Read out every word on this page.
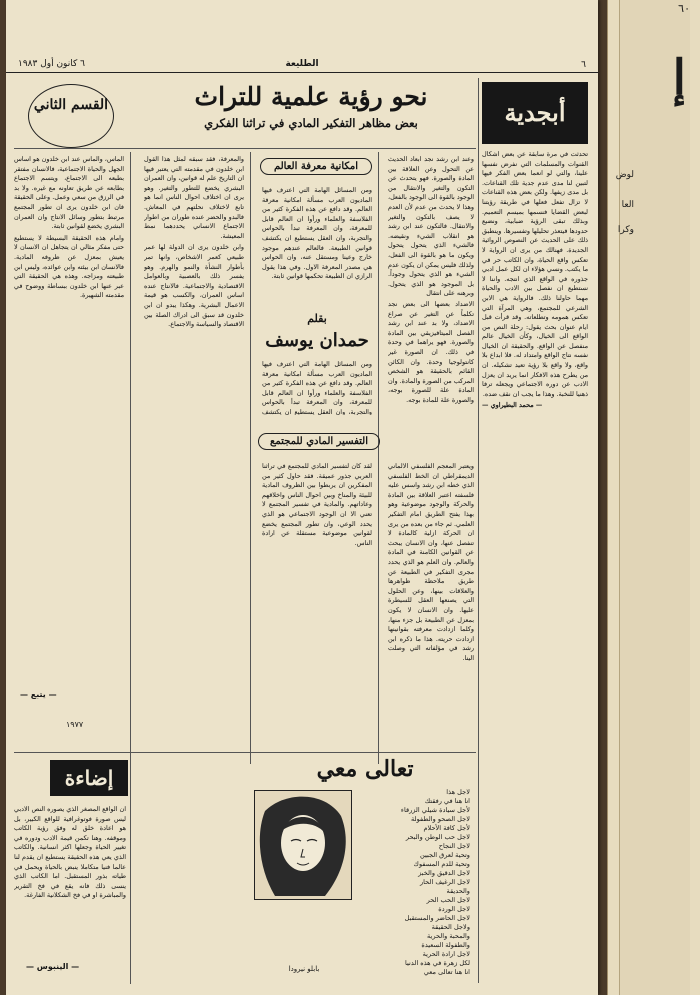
٦٠
إ
لوض
العا
وكرا
٦
الطليعة
٦ كانون أول ١٩٨٣
أبجدية

تحدثت في مرة سابقة عن بعض اشكال القنوات والمسلمات التي نفرض نفسها علينا، والتي لو انعما بعض الفكر فيها لتبين لنا مدى عدم جدية تلك القناعات. بل مدى زيفها. ولكن بعض هذه القناعات لا تزال تفعل فعلها في طريقة رؤيتنا لبعض القضايا فنسمها بميسم التعميم. وبذلك تبقى الرؤية ضبابية، ونضيع حدودها فيتعذر تحليلها وتفسيرها. وينطبق ذلك على الحديث عن النصوص الروائية الجديدة. فهنالك من يرى ان الرواية لا تعكس واقع الحياة، وان الكاتب حر في ما يكتب. ونسي هؤلاء ان لكل عمل ادبي جذوره في الواقع الذي انتجه. واننا لا نستطيع ان نفصل بين الادب والحياة مهما حاولنا ذلك. فالرواية هي الابن الشرعي للمجتمع، وهي المرآة التي تعكس همومه وتطلعاته. وقد قرأت قبل ايام عنوان بحث يقول: رحلة النص من الواقع الى الخيال، وكأن الخيال عالم منفصل عن الواقع. والحقيقة ان الخيال نفسه نتاج الواقع وامتداد له. فلا ابداع بلا واقع، ولا واقع بلا رؤية تعيد تشكيله. ان من يطرح هذه الافكار انما يريد ان يعزل الادب عن دوره الاجتماعي ويجعله ترفا ذهنيا للنخبة. وهذا ما يجب ان نقف ضده.

— محمد البطيراوي —

نحو رؤية علمية للتراث
بعض مظاهر التفكير المادي في تراثنا الفكري
القسم الثاني

وعند ابن رشد نجد ابعاد الحديث عن التحول وعن العلاقة بين المادة والصورة. فهو يتحدث عن التكون والتغير والانتقال من الوجود بالقوة الى الوجود بالفعل، وهذا لا يحدث من عدم لأن العدم لا يصف بالتكون والتغير والانتقال. فالتكون عند ابن رشد هو انقلاب الشيء ونقيضه. فالشيء الذي يتحول يتحول ويكون ما هو بالقوة الى الفعل، ولذلك فليس يمكن ان يكون عدم الشيء هو الذي يتحول وجوداً. بل الموجود هو الذي يتحول. وبرهنه على انتقال

الاضداد بعضها الى بعض نجد تكلماً عن التغير عن صراع الاضداد، ولا بد عند ابن رشد الفصل الميتافيزيقي بين المادة والصورة. فهو يراهما في وحدة في ذلك. ان الصورة غير كانتولوجيا وحدة. وان الكائن القائم بالحقيقة هو الشخص المركب من الصورة والمادة. وان المادة علة للصورة بوجه، والصورة علة للمادة بوجه.

ويعتبر المعجم الفلسفي الالماني الديمقراطي ان الخط الفلسفي الذي خطه ابن رشد واسس عليه فلسفته اعتبر العلاقة بين المادة والحركة والوجود موضوعية وهو بهذا يفتح الطريق امام التفكير العلمي. ثم جاء من بعده من يرى ان الحركة ازلية كالمادة لا تنفصل عنها، وان الانسان يبحث عن القوانين الكامنة في المادة والعالم. وان العلم هو الذي يحدد مجرى التفكير في الطبيعة عن طريق ملاحظة ظواهرها والعلاقات بينها، وعن الحلول التي يصنعها العقل للسيطرة عليها. وان الانسان لا يكون بمعزل عن الطبيعة بل جزء منها، وكلما ازدادت معرفته بقوانينها ازدادت حريته. هذا ما ذكره ابن رشد في مؤلفاته التي وصلت الينا.

امكانية معرفة العالم

ومن المسائل الهامة التي اعترف فيها الماديون العرب مسألة امكانية معرفة العالم. وقد دافع عن هذه الفكرة كثير من الفلاسفة والعلماء ورأوا ان العالم قابل للمعرفة، وان المعرفة تبدأ بالحواس والتجربة، وان العقل يستطيع ان يكتشف قوانين الطبيعة. فالعالم عندهم موجود خارج وعينا ومستقل عنه، وان الحواس هي مصدر المعرفة الاول. وفي هذا يقول الرازي ان الطبيعة تحكمها قوانين ثابتة.

بقلم
حمدان يوسف

ومن المسائل الهامة التي اعترف فيها الماديون العرب مسألة امكانية معرفة العالم. وقد دافع عن هذه الفكرة كثير من الفلاسفة والعلماء ورأوا ان العالم قابل للمعرفة، وان المعرفة تبدأ بالحواس والتجربة، وان العقل يستطيع ان يكتشف

التفسير المادي للمجتمع

لقد كان لتفسير المادي للمجتمع في تراثنا العربي جذور عميقة. فقد حاول كثير من المفكرين ان يربطوا بين الظروف المادية للبيئة والمناخ وبين احوال الناس واخلاقهم وعاداتهم. والمادية في تفسير المجتمع لا تعني الا ان الوجود الاجتماعي هو الذي يحدد الوعي، وان تطور المجتمع يخضع لقوانين موضوعية مستقلة عن ارادة الناس.

والمعرفة، فقد سبقه لمثل هذا القول ابن خلدون في مقدمته التي يعتبر فيها ان التاريخ علم له قوانين، وان العمران البشري يخضع للتطور والتغير. وهو يرى ان اختلاف احوال الناس انما هو تابع لاختلاف نحلتهم في المعاش. فالبدو والحضر عنده طوران من اطوار الاجتماع الانساني يحددهما نمط المعيشة.

وابن خلدون يرى ان الدولة لها عمر طبيعي كعمر الاشخاص، وانها تمر بأطوار النشأة والنمو والهرم. وهو يفسر ذلك بالعصبية وبالعوامل الاقتصادية والاجتماعية. فالانتاج عنده اساس العمران، والكسب هو قيمة الاعمال البشرية. وهكذا يبدو ان ابن خلدون قد سبق الى ادراك الصلة بين الاقتصاد والسياسة والاجتماع.

الماس، والماس عند ابن خلدون هو اساس الجهل والحياة الاجتماعية، فالانسان مفتقر بطبعه الى الاجتماع، ويتسم الاجتماع بطابعه عن طريق تعاونه مع غيره. ولا بد في الرزق من سعي وعمل. وعلى الحقيقة فان ابن خلدون يرى ان تطور المجتمع مرتبط بتطور وسائل الانتاج وان العمران البشري يخضع لقوانين ثابتة.

وامام هذه الحقيقة البسيطة لا يستطيع حتى مفكر مثالي ان يتجاهل ان الانسان لا يعيش بمعزل عن ظروفه المادية. فالانسان ابن بيئته وابن عوائده، وليس ابن طبيعته ومزاجه. وهذه هي الحقيقة التي عبر عنها ابن خلدون ببساطة ووضوح في مقدمته الشهيرة.

— يتبع —
١٩٧٧
تعالى معي
لاجل هذا
انا هنا في رفقتك
لأجل سيادة شيلي الزرقاء
لاجل الصحو والطفولة
لأجل كافة الأحلام
لاجل حب الوطن والبحر
لاجل النجاح
وتحية لعرق الجبين
وتحية للدم المسفوك
لاجل الدقيق والخبز
لاجل الرغيف الحار
والحديقة
لاجل الحب الحر
لاجل الوردة
لاجل الحاضر والمستقبل
ولاجل الحقيقة
والمحبة والحرية
والطفولة السعيدة
لاجل ارادة الحرية
لكل زهرة في هذه الدنيا
انا هنا تعالى معي
بابلو نيرودا
إضاءة

ان الواقع المصغر الذي يصوره النص الادبي ليس صورة فوتوغرافية للواقع الكبير، بل هو اعادة خلق له وفق رؤية الكاتب وموقفه. وهنا تكمن قيمة الادب ودوره في تغيير الحياة وجعلها اكثر انسانية. والكاتب الذي يعي هذه الحقيقة يستطيع ان يقدم لنا عالما فنيا متكاملا ينبض بالحياة ويحمل في طياته بذور المستقبل. اما الكاتب الذي ينسى ذلك فانه يقع في فخ التقرير والمباشرة او في فخ الشكلانية الفارغة.

— الينبوس —
